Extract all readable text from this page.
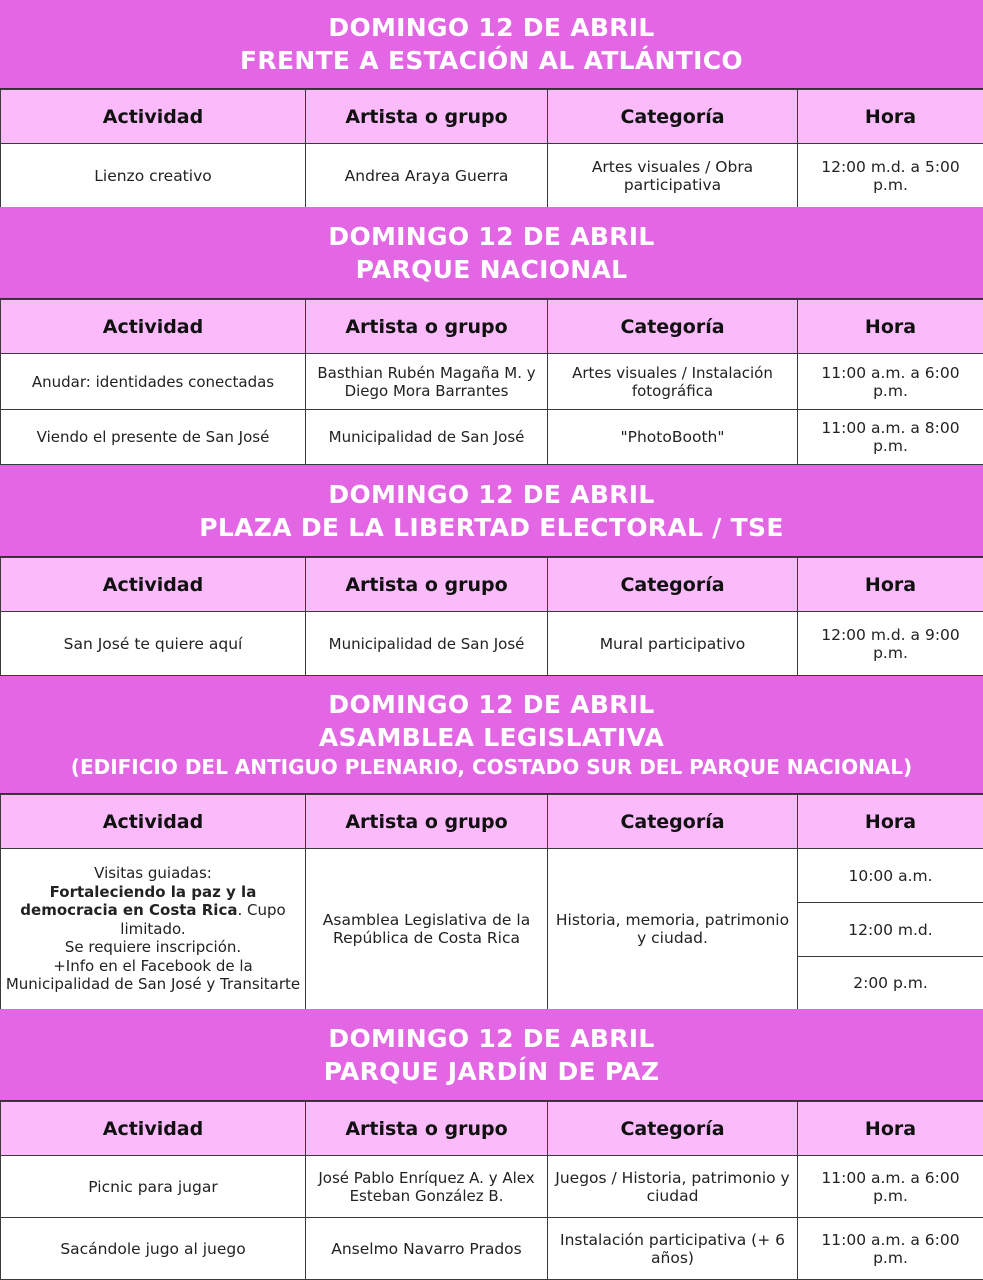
DOMINGO 12 DE ABRIL
FRENTE A ESTACIÓN AL ATLÁNTICO
Actividad	Artista o grupo	Categoría	Hora
Lienzo creativo	Andrea Araya Guerra	Artes visuales / Obra participativa	12:00 m.d. a 5:00 p.m.
DOMINGO 12 DE ABRIL
PARQUE NACIONAL
Actividad	Artista o grupo	Categoría	Hora
Anudar: identidades conectadas	Basthian Rubén Magaña M. y Diego Mora Barrantes	Artes visuales / Instalación fotográfica	11:00 a.m. a 6:00 p.m.
Viendo el presente de San José	Municipalidad de San José	"PhotoBooth"	11:00 a.m. a 8:00 p.m.
DOMINGO 12 DE ABRIL
PLAZA DE LA LIBERTAD ELECTORAL / TSE
Actividad	Artista o grupo	Categoría	Hora
San José te quiere aquí	Municipalidad de San José	Mural participativo	12:00 m.d. a 9:00 p.m.
DOMINGO 12 DE ABRIL
ASAMBLEA LEGISLATIVA
(EDIFICIO DEL ANTIGUO PLENARIO, COSTADO SUR DEL PARQUE NACIONAL)
Actividad	Artista o grupo	Categoría	Hora
Visitas guiadas:
Fortaleciendo la paz y la democracia en Costa Rica. Cupo limitado.
Se requiere inscripción.
+Info en el Facebook de la Municipalidad de San José y Transitarte	Asamblea Legislativa de la República de Costa Rica	Historia, memoria, patrimonio y ciudad.	10:00 a.m.
			12:00 m.d.
			2:00 p.m.
DOMINGO 12 DE ABRIL
PARQUE JARDÍN DE PAZ
Actividad	Artista o grupo	Categoría	Hora
Picnic para jugar	José Pablo Enríquez A. y Alex Esteban González B.	Juegos / Historia, patrimonio y ciudad	11:00 a.m. a 6:00 p.m.
Sacándole jugo al juego	Anselmo Navarro Prados	Instalación participativa (+ 6 años)	11:00 a.m. a 6:00 p.m.
